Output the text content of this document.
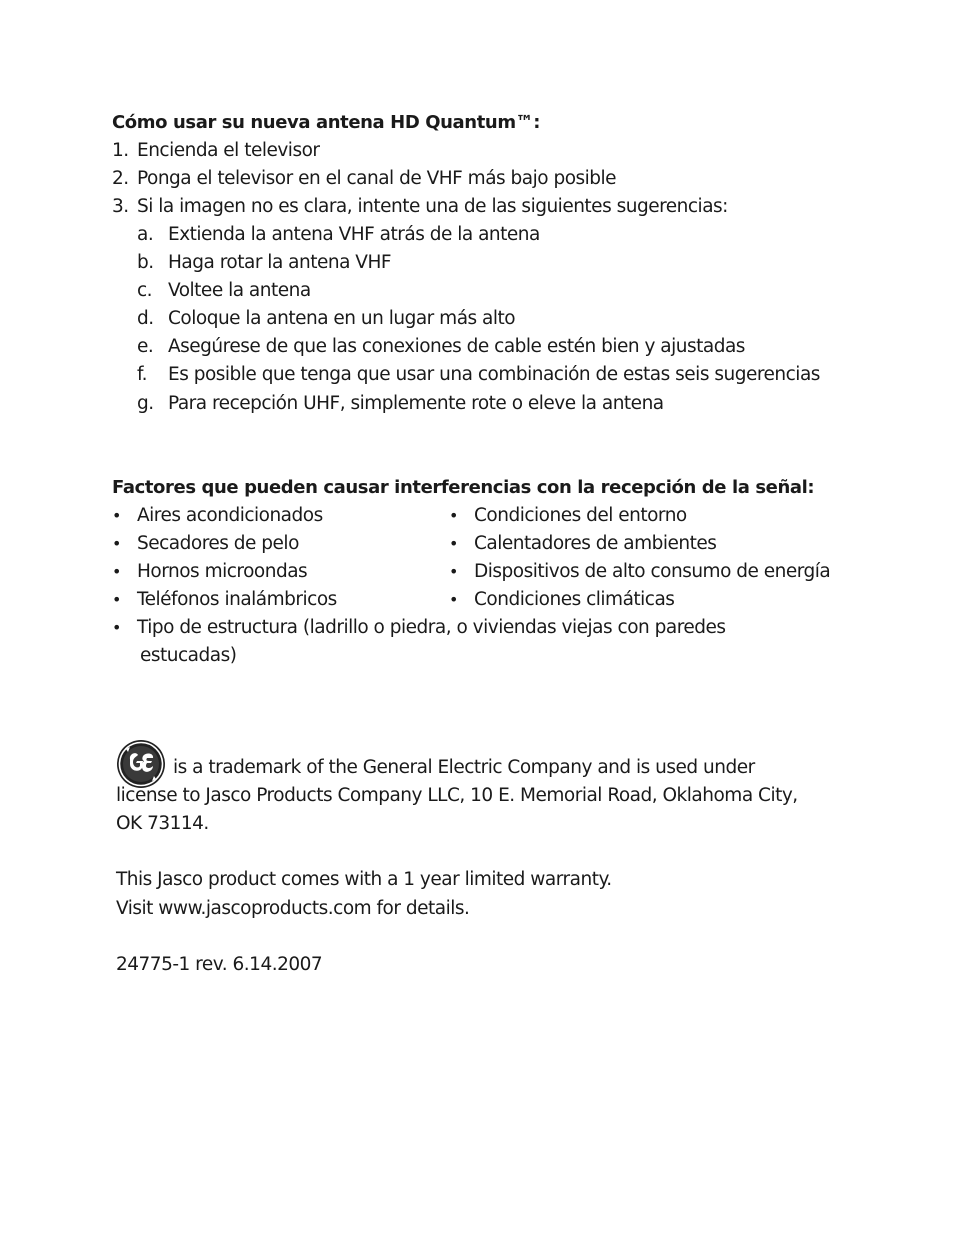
Cómo usar su nueva antena HD Quantum™:
1. Encienda el televisor
2. Ponga el televisor en el canal de VHF más bajo posible
3. Si la imagen no es clara, intente una de las siguientes sugerencias:
a. Extienda la antena VHF atrás de la antena
b. Haga rotar la antena VHF
c. Voltee la antena
d. Coloque la antena en un lugar más alto
e. Asegúrese de que las conexiones de cable estén bien y ajustadas
f. Es posible que tenga que usar una combinación de estas seis sugerencias
g. Para recepción UHF, simplemente rote o eleve la antena
Factores que pueden causar interferencias con la recepción de la señal:
• Aires acondicionados
• Secadores de pelo
• Hornos microondas
• Teléfonos inalámbricos
• Condiciones del entorno
• Calentadores de ambientes
• Dispositivos de alto consumo de energía
• Condiciones climáticas
• Tipo de estructura (ladrillo o piedra, o viviendas viejas con paredes
estucadas)
is a trademark of the General Electric Company and is used under
license to Jasco Products Company LLC, 10 E. Memorial Road, Oklahoma City,
OK 73114.
This Jasco product comes with a 1 year limited warranty.
Visit www.jascoproducts.com for details.
24775-1 rev. 6.14.2007
